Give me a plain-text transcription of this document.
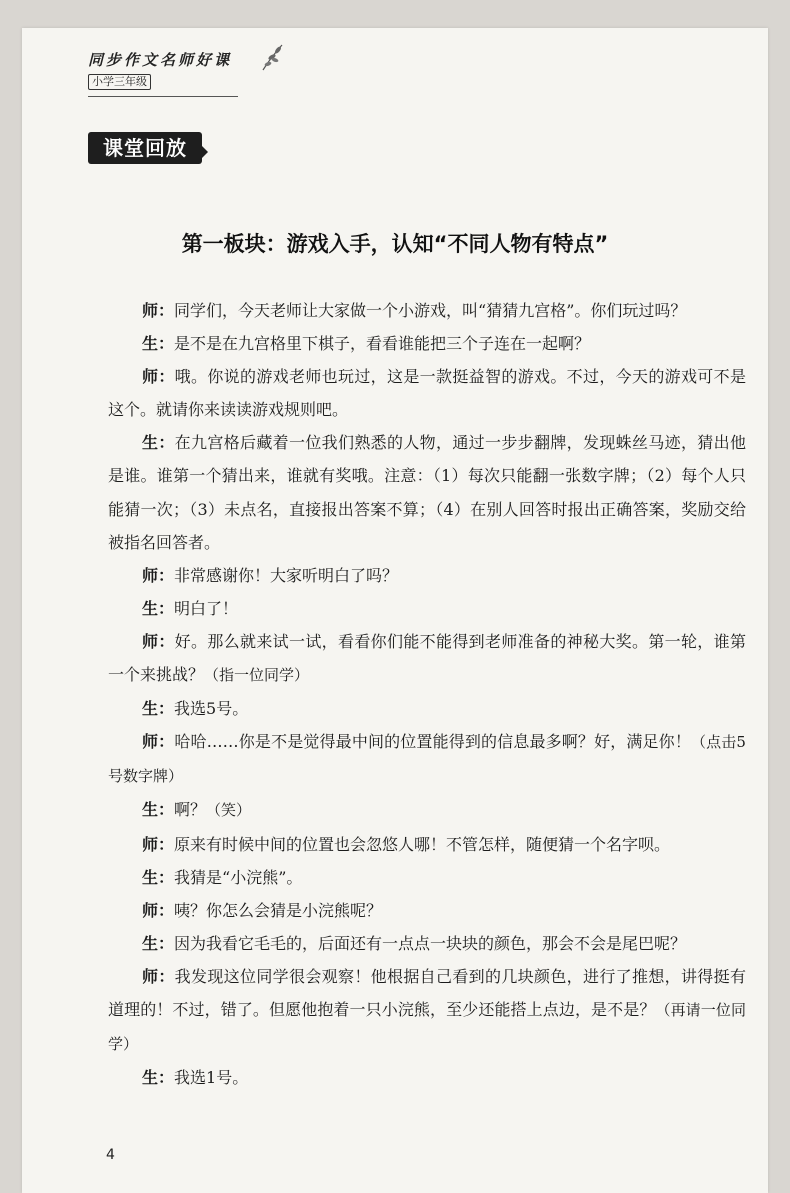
同步作文名师好课
小学三年级
课堂回放
第一板块：游戏入手，认知“不同人物有特点”

师：同学们，今天老师让大家做一个小游戏，叫“猜猜九宫格”。你们玩过吗？

生：是不是在九宫格里下棋子，看看谁能把三个子连在一起啊？

师：哦。你说的游戏老师也玩过，这是一款挺益智的游戏。不过，今天的游戏可不是这个。就请你来读读游戏规则吧。

生：在九宫格后藏着一位我们熟悉的人物，通过一步步翻牌，发现蛛丝马迹，猜出他是谁。谁第一个猜出来，谁就有奖哦。注意：（1）每次只能翻一张数字牌；（2）每个人只能猜一次；（3）未点名，直接报出答案不算；（4）在别人回答时报出正确答案，奖励交给被指名回答者。

师：非常感谢你！大家听明白了吗？

生：明白了！

师：好。那么就来试一试，看看你们能不能得到老师准备的神秘大奖。第一轮，谁第一个来挑战？（指一位同学）

生：我选5号。

师：哈哈……你是不是觉得最中间的位置能得到的信息最多啊？好，满足你！（点击5号数字牌）

生：啊？（笑）

师：原来有时候中间的位置也会忽悠人哪！不管怎样，随便猜一个名字呗。

生：我猜是“小浣熊”。

师：咦？你怎么会猜是小浣熊呢？

生：因为我看它毛毛的，后面还有一点点一块块的颜色，那会不会是尾巴呢？

师：我发现这位同学很会观察！他根据自己看到的几块颜色，进行了推想，讲得挺有道理的！不过，错了。但愿他抱着一只小浣熊，至少还能搭上点边，是不是？（再请一位同学）

生：我选1号。

4
